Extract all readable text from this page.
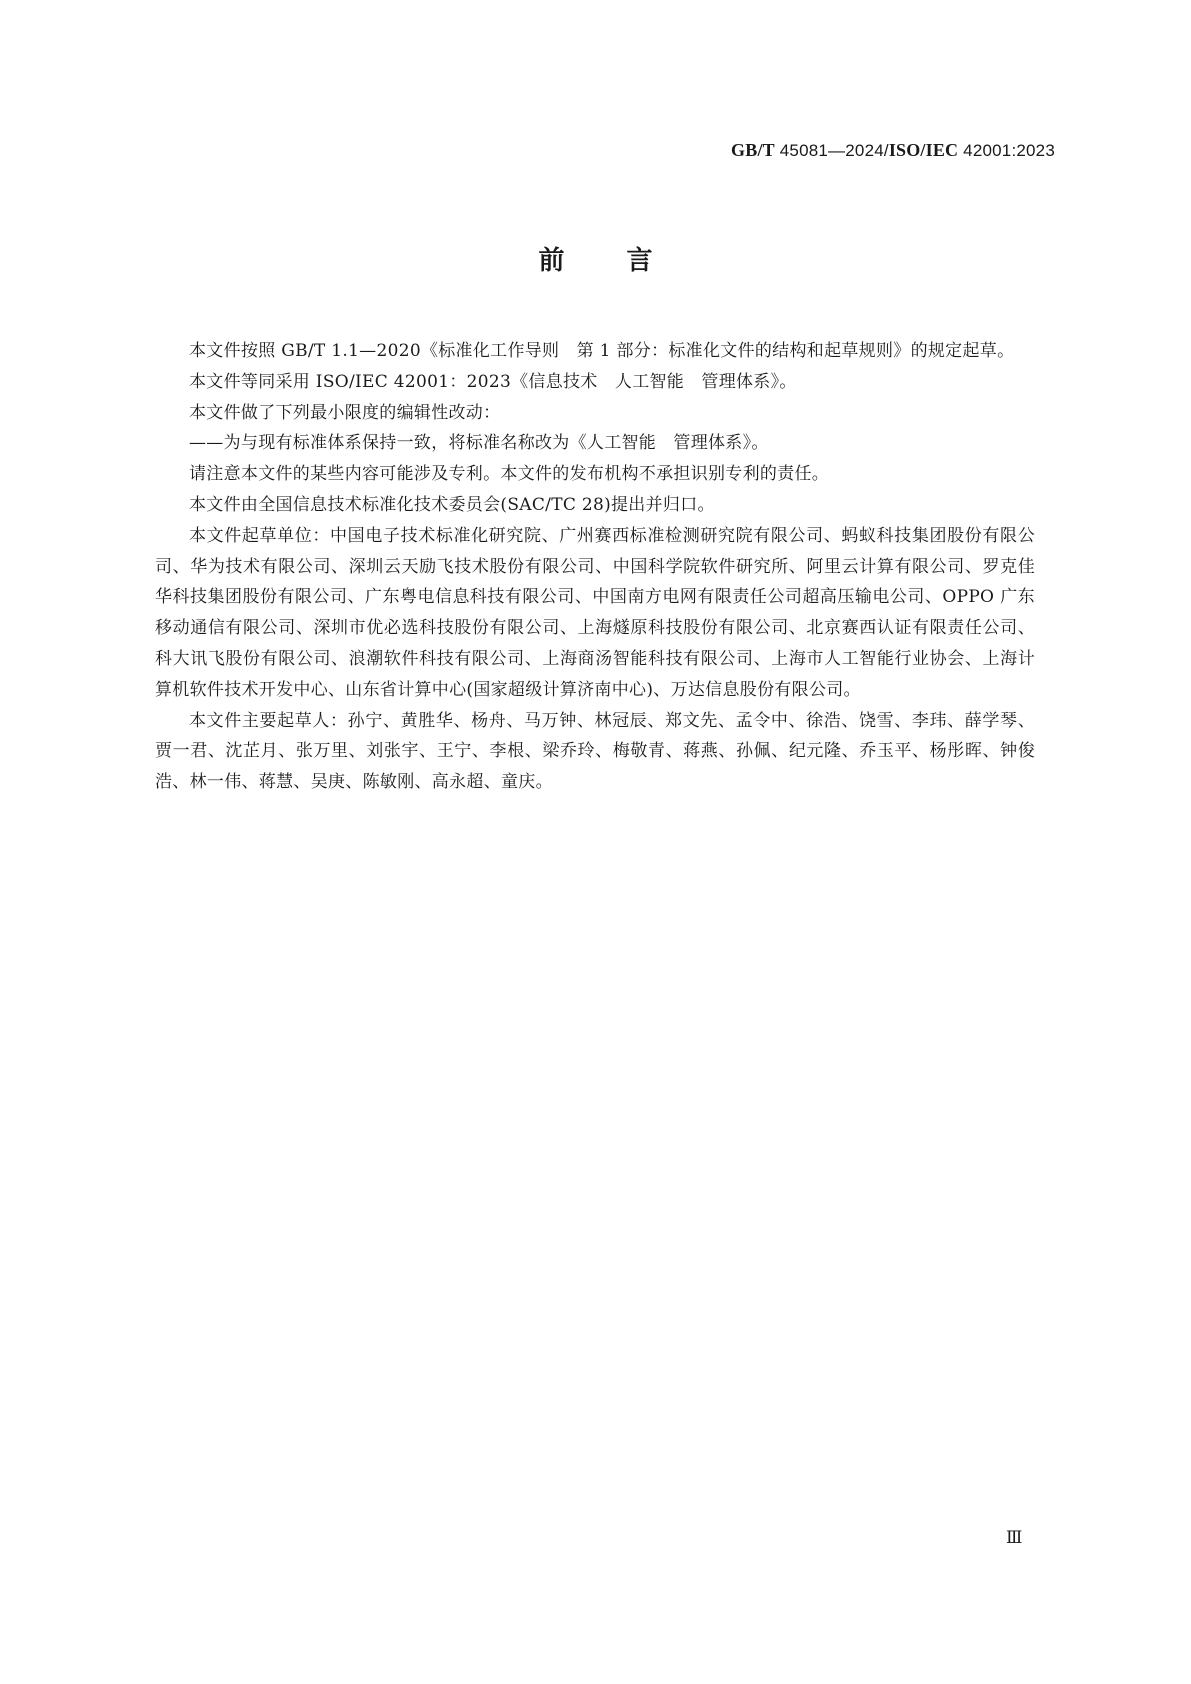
GB/T 45081—2024/ISO/IEC 42001:2023
前言

本文件按照 GB/T 1.1—2020《标准化工作导则　第 1 部分：标准化文件的结构和起草规则》的规定起草。

本文件等同采用 ISO/IEC 42001：2023《信息技术　人工智能　管理体系》。

本文件做了下列最小限度的编辑性改动：

——为与现有标准体系保持一致，将标准名称改为《人工智能　管理体系》。

请注意本文件的某些内容可能涉及专利。本文件的发布机构不承担识别专利的责任。

本文件由全国信息技术标准化技术委员会(SAC/TC 28)提出并归口。

本文件起草单位：中国电子技术标准化研究院、广州赛西标准检测研究院有限公司、蚂蚁科技集团股份有限公司、华为技术有限公司、深圳云天励飞技术股份有限公司、中国科学院软件研究所、阿里云计算有限公司、罗克佳华科技集团股份有限公司、广东粤电信息科技有限公司、中国南方电网有限责任公司超高压输电公司、OPPO 广东移动通信有限公司、深圳市优必选科技股份有限公司、上海燧原科技股份有限公司、北京赛西认证有限责任公司、科大讯飞股份有限公司、浪潮软件科技有限公司、上海商汤智能科技有限公司、上海市人工智能行业协会、上海计算机软件技术开发中心、山东省计算中心(国家超级计算济南中心)、万达信息股份有限公司。

本文件主要起草人：孙宁、黄胜华、杨舟、马万钟、林冠辰、郑文先、孟令中、徐浩、饶雪、李玮、薛学琴、贾一君、沈芷月、张万里、刘张宇、王宁、李根、梁乔玲、梅敬青、蒋燕、孙佩、纪元隆、乔玉平、杨彤晖、钟俊浩、林一伟、蒋慧、吴庚、陈敏刚、高永超、童庆。

Ⅲ
